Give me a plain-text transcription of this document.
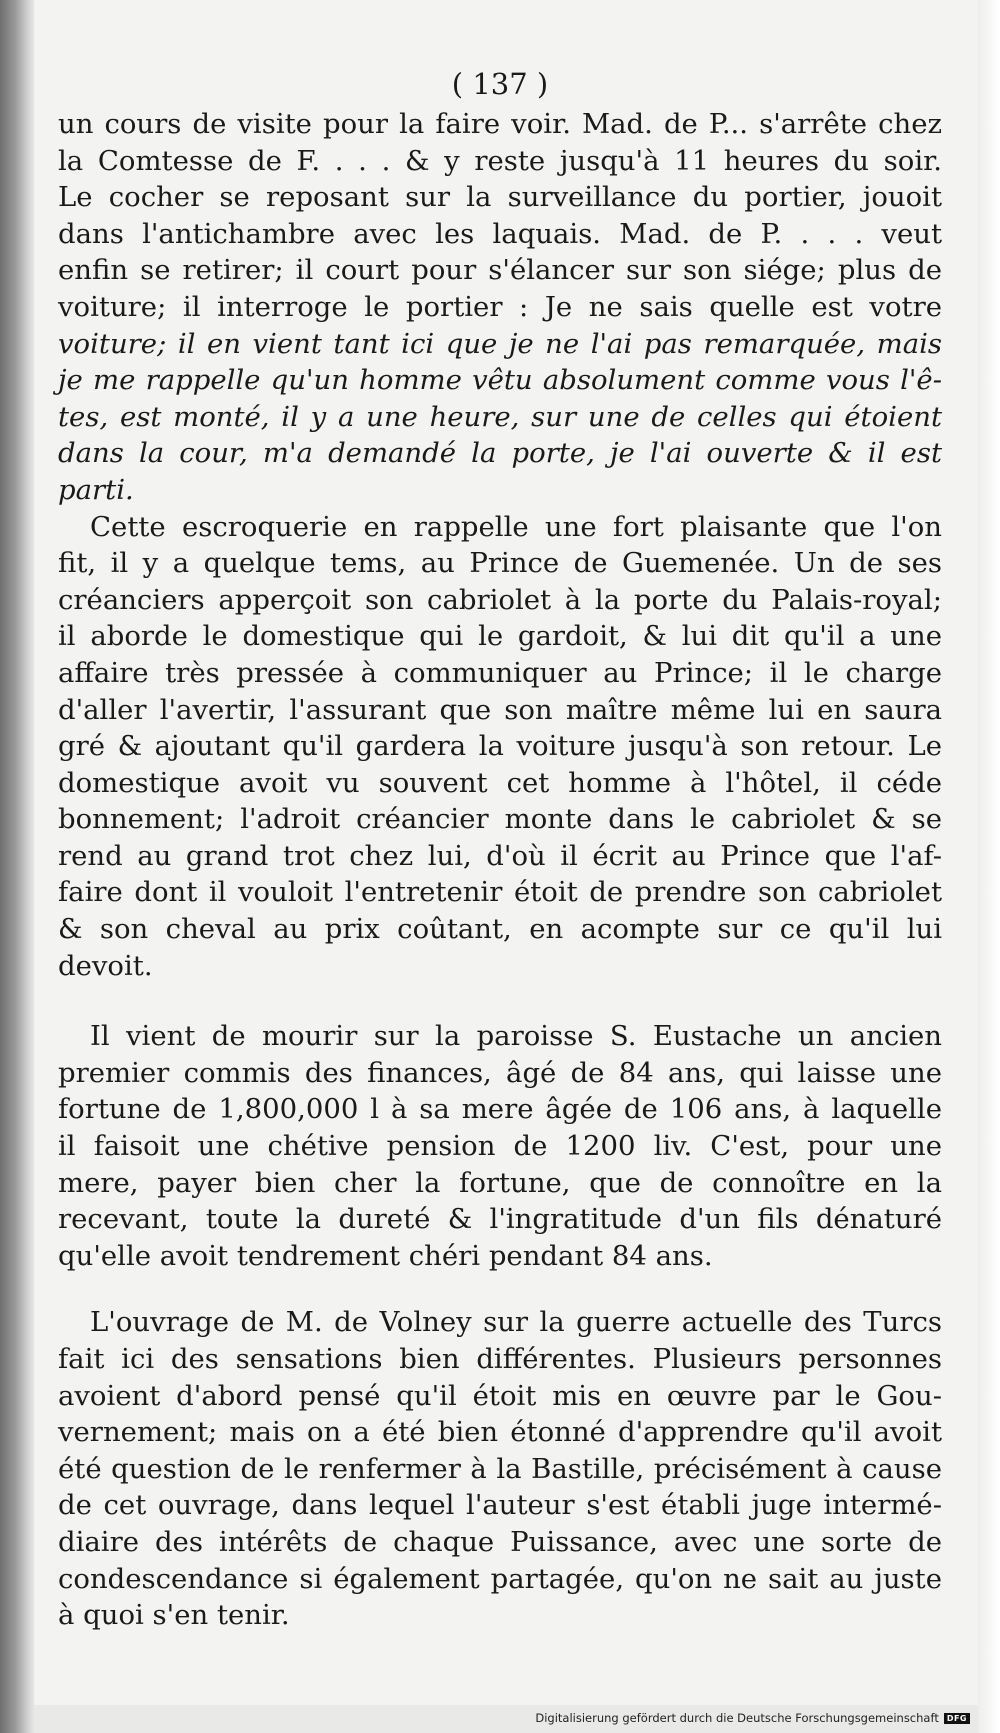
( 137 )
un cours de visite pour la faire voir. Mad. de P... s'arrête chez
la Comtesse de F. . . . & y reste jusqu'à 11 heures du soir.
Le cocher se reposant sur la surveillance du portier, jouoit
dans l'antichambre avec les laquais. Mad. de P. . . . veut
enfin se retirer; il court pour s'élancer sur son siége; plus de
voiture; il interroge le portier : Je ne sais quelle est votre
voiture; il en vient tant ici que je ne l'ai pas remarquée, mais
je me rappelle qu'un homme vêtu absolument comme vous l'ê-
tes, est monté, il y a une heure, sur une de celles qui étoient
dans la cour, m'a demandé la porte, je l'ai ouverte & il est
parti.
Cette escroquerie en rappelle une fort plaisante que l'on
fit, il y a quelque tems, au Prince de Guemenée. Un de ses
créanciers apperçoit son cabriolet à la porte du Palais-royal;
il aborde le domestique qui le gardoit, & lui dit qu'il a une
affaire très pressée à communiquer au Prince; il le charge
d'aller l'avertir, l'assurant que son maître même lui en saura
gré & ajoutant qu'il gardera la voiture jusqu'à son retour. Le
domestique avoit vu souvent cet homme à l'hôtel, il céde
bonnement; l'adroit créancier monte dans le cabriolet & se
rend au grand trot chez lui, d'où il écrit au Prince que l'af-
faire dont il vouloit l'entretenir étoit de prendre son cabriolet
& son cheval au prix coûtant, en acompte sur ce qu'il lui
devoit.
Il vient de mourir sur la paroisse S. Eustache un ancien
premier commis des finances, âgé de 84 ans, qui laisse une
fortune de 1,800,000 l à sa mere âgée de 106 ans, à laquelle
il faisoit une chétive pension de 1200 liv. C'est, pour une
mere, payer bien cher la fortune, que de connoître en la
recevant, toute la dureté & l'ingratitude d'un fils dénaturé
qu'elle avoit tendrement chéri pendant 84 ans.
L'ouvrage de M. de Volney sur la guerre actuelle des Turcs
fait ici des sensations bien différentes. Plusieurs personnes
avoient d'abord pensé qu'il étoit mis en œuvre par le Gou-
vernement; mais on a été bien étonné d'apprendre qu'il avoit
été question de le renfermer à la Bastille, précisément à cause
de cet ouvrage, dans lequel l'auteur s'est établi juge intermé-
diaire des intérêts de chaque Puissance, avec une sorte de
condescendance si également partagée, qu'on ne sait au juste
à quoi s'en tenir.
Digitalisierung gefördert durch die Deutsche Forschungsgemeinschaft	DFG
